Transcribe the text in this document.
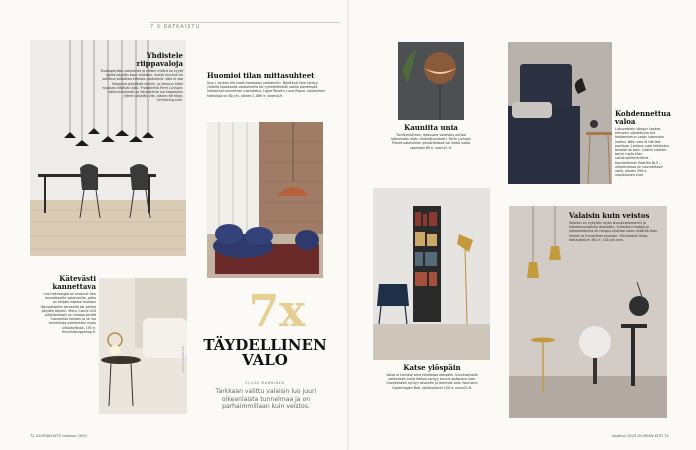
7 X RATKAISTU

Yhdistele riippavaloja

Ruokapöydän valaisimet ja niiden määrä on syytä valita pöydän koon mukaan, mutta muuten on sallittua sekoittaa erilaisia valaisimia. Valo ei saa heijastua pöydästä silmiin, ja lampun tulee ripustaa riittävän alas. Yhdistelmä Ferm Livingin: Valaisinvarjostin ja Varjostimia luo haastavan rytmin pöydän ylle, alkaen 69 e/kpl, fermliving.com.

Huomioi tilan mittasuhteet

Suuri, korkea tila vaatii kookkaan valaisimen. Näyttävä ilme syntyy yhdellä kookkaalla valaisimella tai ryhmittämällä useita pienempiä valaisimia tunnelman luomiseksi. Ligne Roset'n Luna Rossa -valaisimen halkaisija on 80 cm, alkaen 1 069 e, skanno.fi.

7x
TÄYDELLINEN VALO
ELIISA MANNINEN
Tarkkaan valittu valaisin luo juuri oikeanlaista tunnelmaa ja on parhaimmillaan kuin veistos.

Kätevästi kannettava

Uusi teknologia on avannut tien kannettaville valaisimille, jotka on helppo napata mukaan illanviettoihin terassille tai vaikka pöydän ääreen. Menu Carrie LED -pöytävalaisin on helppo siirtää huoneesta toiseen ja se luo tunnelmaa esimerkiksi myös ulkokäytössä. 195 e, finnishdesignshop.fi.

KUVAT: VALMISTAJAT
72 GLORIAN KOTI lokakuu 2020

Kauniita unia

Tunnelmallinen, epäsuora valaistus auttaa laittamaan arjen rauhoittumiseen. Ferm Livingin Planet-valaisimen ympäristössä voi lukea valoa sopivasti 69 e, room21.fi.

Kohdennettua valoa

Lukuvalaisin sängyn taakse erikseen sijoitettuna tuo kohdennetun valon lukemista varten. Näin valo ei häiritse puolisoa. Lampun valo kohdistuu tarkasti kirjaan. Lisäksi valaisin toimii myös tilan sisustuselementtinä. Koristeellinen Bestlite BL5 -valaisimessa on taivutettava varsi, alkaen 399 e, vepsalainen.com.

Katse ylöspäin

Valoa ei tarvitse aina kohdistaa alaspäin. Suuntaamalla valaisimen kohti kattoa syntyy kaunis epäsuora valo. Huoneeseen syntyy tasainen ja pehmeä valo. Normann Copenhagen Bolt -jalkavalaisin 159 e, room21.fi.

Valaisin kuin veistos

Valaisin on nykyään myös sisustuselementti ja katseenvangitsija itsessään. Erikoisia muotoja ja jalkavalaisimia on helppo sijoittaa valon määrää tilan ilmeen ja tunnelman mukaan. Viimeisenä Hoop-lattiavalaisin 361 e, 101cph.com.

lokakuu 2020 GLORIAN KOTI 73
